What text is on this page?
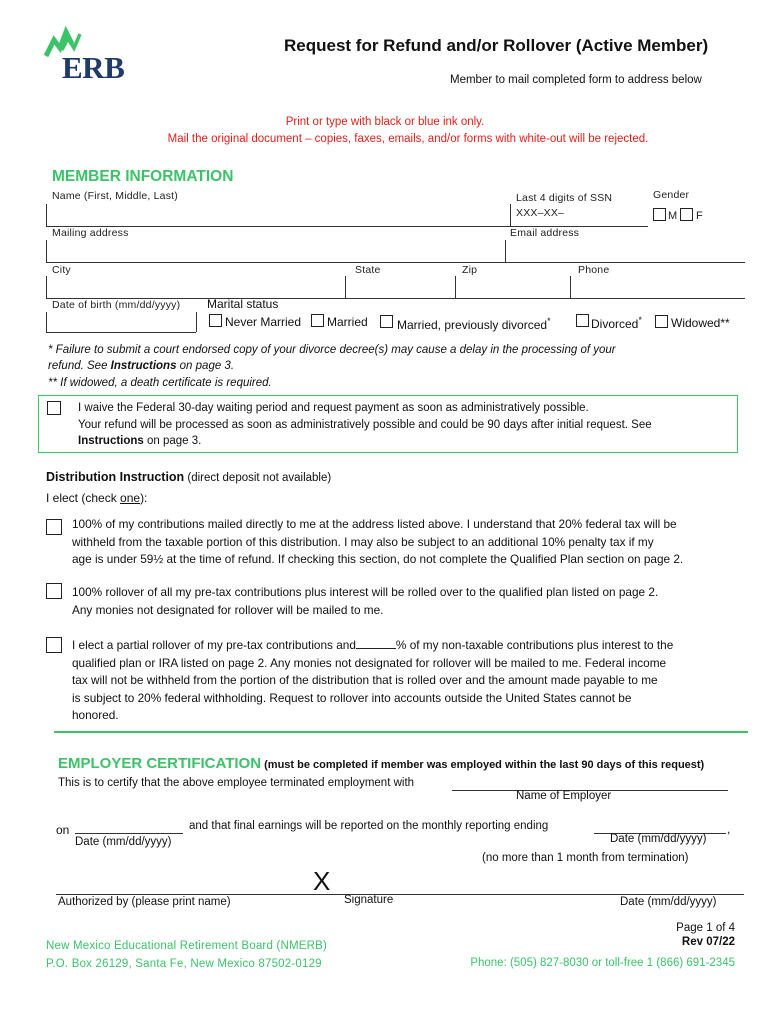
ERB
Request for Refund and/or Rollover (Active Member)
Member to mail completed form to address below
Print or type with black or blue ink only.
Mail the original document – copies, faxes, emails, and/or forms with white-out will be rejected.
MEMBER INFORMATION
Name (First, Middle, Last)	Last 4 digits of SSN
XXX–XX–
Gender
M F
Mailing address	Email address
City	State	Zip	Phone
Date of birth (mm/dd/yyyy) Marital status
Never Married Married Married, previously divorced*	Divorced* Widowed**
* Failure to submit a court endorsed copy of your divorce decree(s) may cause a delay in the processing of your
refund. See Instructions on page 3.
** If widowed, a death certificate is required.
I waive the Federal 30-day waiting period and request payment as soon as administratively possible.
Your refund will be processed as soon as administratively possible and could be 90 days after initial request. See
Instructions on page 3.
Distribution Instruction (direct deposit not available)
I elect (check one):
100% of my contributions mailed directly to me at the address listed above. I understand that 20% federal tax will be
withheld from the taxable portion of this distribution. I may also be subject to an additional 10% penalty tax if my
age is under 59½ at the time of refund. If checking this section, do not complete the Qualified Plan section on page 2.
100% rollover of all my pre-tax contributions plus interest will be rolled over to the qualified plan listed on page 2.
Any monies not designated for rollover will be mailed to me.
I elect a partial rollover of my pre-tax contributions and	% of my non-taxable contributions plus interest to the
qualified plan or IRA listed on page 2. Any monies not designated for rollover will be mailed to me. Federal income
tax will not be withheld from the portion of the distribution that is rolled over and the amount made payable to me
is subject to 20% federal withholding. Request to rollover into accounts outside the United States cannot be
honored.
EMPLOYER CERTIFICATION (must be completed if member was employed within the last 90 days of this request)
This is to certify that the above employee terminated employment with
Name of Employer
on
Date (mm/dd/yyyy)
and that final earnings will be reported on the monthly reporting ending	,
Date (mm/dd/yyyy)
(no more than 1 month from termination)
X
Authorized by (please print name)	Signature	Date (mm/dd/yyyy)
New Mexico Educational Retirement Board (NMERB)
P.O. Box 26129, Santa Fe, New Mexico 87502-0129
Page 1 of 4
Rev 07/22
Phone: (505) 827-8030 or toll-free 1 (866) 691-2345
